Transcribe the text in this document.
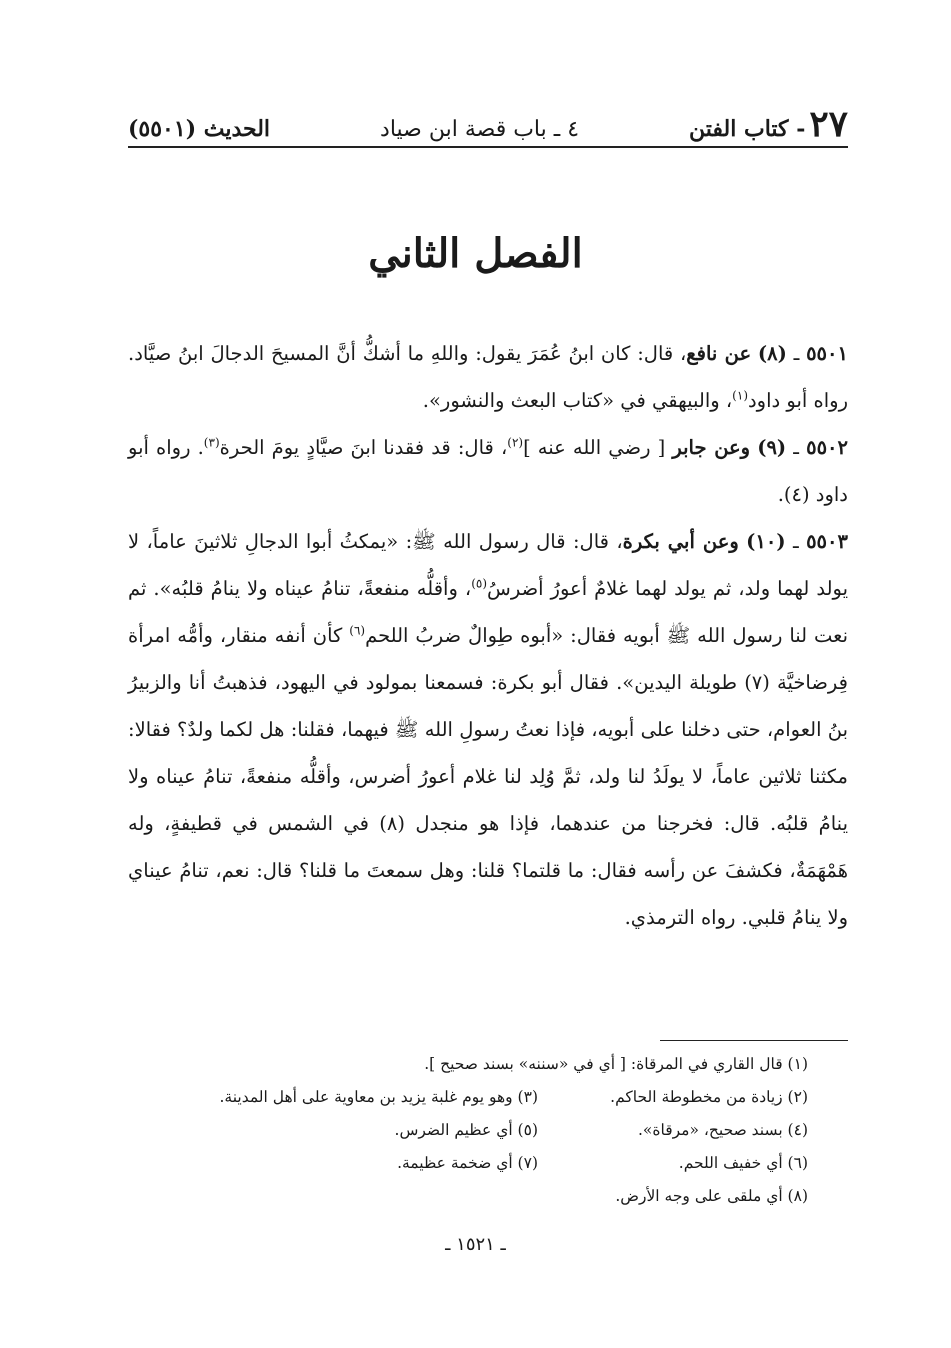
٢٧
- كتاب الفتن
٤ ـ باب قصة ابن صياد
الحديث (٥٥٠١)
الفصل الثاني

٥٥٠١ ـ (٨) عن نافع، قال: كان ابنُ عُمَرَ يقول: واللهِ ما أشكُّ أنَّ المسيحَ الدجالَ ابنُ صيَّاد. رواه أبو داود$^{(١)}$، والبيهقي في «كتاب البعث والنشور».

٥٥٠٢ ـ (٩) وعن جابر [ رضي الله عنه ]$^{(٢)}$، قال: قد فقدنا ابنَ صيَّادٍ يومَ الحرة$^{(٣)}$. رواه أبو داود (٤).

٥٥٠٣ ـ (١٠) وعن أبي بكرة، قال: قال رسول الله ﷺ: «يمكثُ أبوا الدجالِ ثلاثينَ عاماً، لا يولد لهما ولد، ثم يولد لهما غلامٌ أعورُ أضرسُ$^{(٥)}$، وأقلُّه منفعةً، تنامُ عيناه ولا ينامُ قلبُه». ثم نعت لنا رسول الله ﷺ أبويه فقال: «أبوه طِوالٌ ضربُ اللحم$^{(٦)}$ كأن أنفه منقار، وأمُّه امرأة فِرضاخيَّة (٧) طويلة اليدين». فقال أبو بكرة: فسمعنا بمولود في اليهود، فذهبتُ أنا والزبيرُ بنُ العوام، حتى دخلنا على أبويه، فإذا نعتُ رسولِ الله ﷺ فيهما، فقلنا: هل لكما ولدٌ؟ فقالا: مكثنا ثلاثين عاماً، لا يولَدُ لنا ولد، ثمَّ وُلِد لنا غلام أعورُ أضرس، وأقلُّه منفعةً، تنامُ عيناه ولا ينامُ قلبُه. قال: فخرجنا من عندهما، فإذا هو منجدل (٨) في الشمس في قطيفةٍ، وله هَمْهَمَةٌ، فكشفَ عن رأسه فقال: ما قلتما؟ قلنا: وهل سمعتَ ما قلنا؟ قال: نعم، تنامُ عيناي ولا ينامُ قلبي. رواه الترمذي.

(١) قال القاري في المرقاة: [ أي في «سننه» بسند صحيح ].
(٢) زيادة من مخطوطة الحاكم.
(٣) وهو يوم غلبة يزيد بن معاوية على أهل المدينة.
(٤) بسند صحيح، «مرقاة».
(٥) أي عظيم الضرس.
(٦) أي خفيف اللحم.
(٧) أي ضخمة عظيمة.
(٨) أي ملقى على وجه الأرض.
ـ ١٥٢١ ـ
